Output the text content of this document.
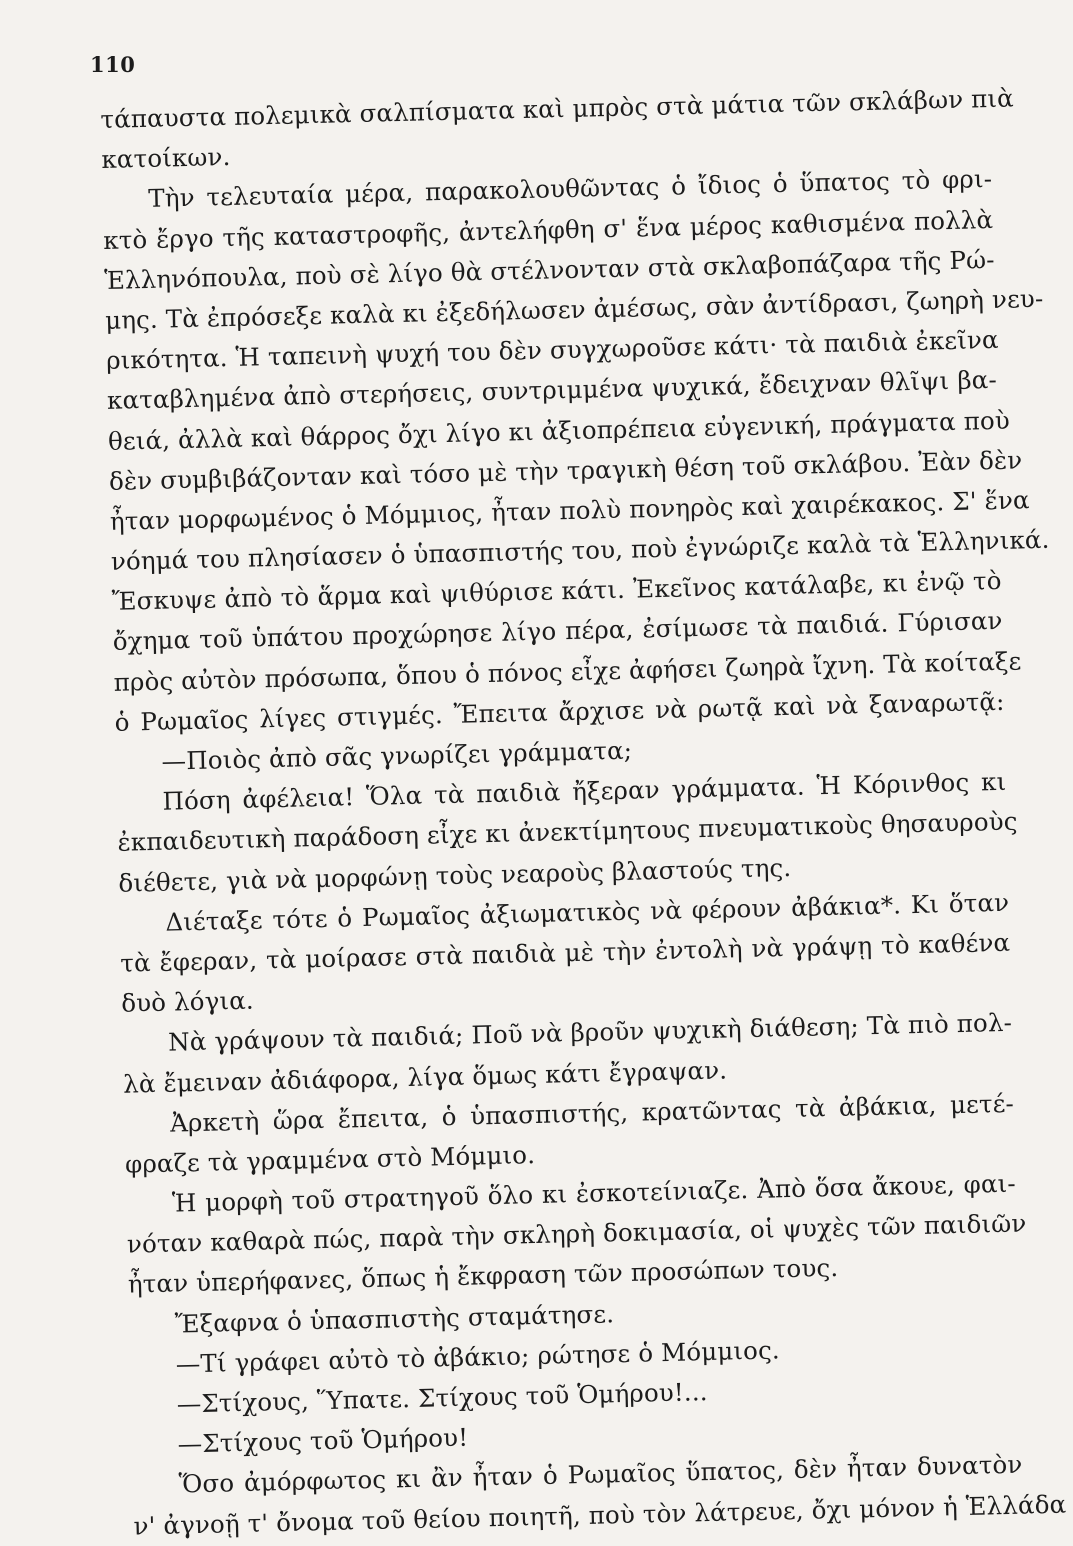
110
τάπαυστα πολεμικὰ σαλπίσματα καὶ μπρὸς στὰ μάτια τῶν σκλάβων πιὰ
κατοίκων.
Τὴν τελευταία μέρα, παρακολουθῶντας ὁ ἴδιος ὁ ὕπατος τὸ φρι-
κτὸ ἔργο τῆς καταστροφῆς, ἀντελήφθη σ' ἕνα μέρος καθισμένα πολλὰ
Ἑλληνόπουλα, ποὺ σὲ λίγο θὰ στέλνονταν στὰ σκλαβοπάζαρα τῆς Ρώ-
μης. Τὰ ἐπρόσεξε καλὰ κι ἐξεδήλωσεν ἀμέσως, σὰν ἀντίδρασι, ζωηρὴ νευ-
ρικότητα. Ἡ ταπεινὴ ψυχή του δὲν συγχωροῦσε κάτι· τὰ παιδιὰ ἐκεῖνα
καταβλημένα ἀπὸ στερήσεις, συντριμμένα ψυχικά, ἔδειχναν θλῖψι βα-
θειά, ἀλλὰ καὶ θάρρος ὄχι λίγο κι ἀξιοπρέπεια εὐγενική, πράγματα ποὺ
δὲν συμβιβάζονταν καὶ τόσο μὲ τὴν τραγικὴ θέση τοῦ σκλάβου. Ἐὰν δὲν
ἦταν μορφωμένος ὁ Μόμμιος, ἦταν πολὺ πονηρὸς καὶ χαιρέκακος. Σ' ἕνα
νόημά του πλησίασεν ὁ ὑπασπιστής του, ποὺ ἐγνώριζε καλὰ τὰ Ἑλληνικά.
Ἔσκυψε ἀπὸ τὸ ἅρμα καὶ ψιθύρισε κάτι. Ἐκεῖνος κατάλαβε, κι ἐνῷ τὸ
ὄχημα τοῦ ὑπάτου προχώρησε λίγο πέρα, ἐσίμωσε τὰ παιδιά. Γύρισαν
πρὸς αὐτὸν πρόσωπα, ὅπου ὁ πόνος εἶχε ἀφήσει ζωηρὰ ἴχνη. Τὰ κοίταξε
ὁ Ρωμαῖος λίγες στιγμές. Ἔπειτα ἄρχισε νὰ ρωτᾷ καὶ νὰ ξαναρωτᾷ:
—Ποιὸς ἀπὸ σᾶς γνωρίζει γράμματα;
Πόση ἀφέλεια! Ὅλα τὰ παιδιὰ ἤξεραν γράμματα. Ἡ Κόρινθος κι
ἐκπαιδευτικὴ παράδοση εἶχε κι ἀνεκτίμητους πνευματικοὺς θησαυροὺς
διέθετε, γιὰ νὰ μορφώνῃ τοὺς νεαροὺς βλαστούς της.
Διέταξε τότε ὁ Ρωμαῖος ἀξιωματικὸς νὰ φέρουν ἀβάκια*. Κι ὅταν
τὰ ἔφεραν, τὰ μοίρασε στὰ παιδιὰ μὲ τὴν ἐντολὴ νὰ γράψῃ τὸ καθένα
δυὸ λόγια.
Νὰ γράψουν τὰ παιδιά; Ποῦ νὰ βροῦν ψυχικὴ διάθεση; Τὰ πιὸ πολ-
λὰ ἔμειναν ἀδιάφορα, λίγα ὅμως κάτι ἔγραψαν.
Ἀρκετὴ ὥρα ἔπειτα, ὁ ὑπασπιστής, κρατῶντας τὰ ἀβάκια, μετέ-
φραζε τὰ γραμμένα στὸ Μόμμιο.
Ἡ μορφὴ τοῦ στρατηγοῦ ὅλο κι ἐσκοτείνιαζε. Ἀπὸ ὅσα ἄκουε, φαι-
νόταν καθαρὰ πώς, παρὰ τὴν σκληρὴ δοκιμασία, οἱ ψυχὲς τῶν παιδιῶν
ἦταν ὑπερήφανες, ὅπως ἡ ἔκφραση τῶν προσώπων τους.
Ἔξαφνα ὁ ὑπασπιστὴς σταμάτησε.
—Τί γράφει αὐτὸ τὸ ἀβάκιο; ρώτησε ὁ Μόμμιος.
—Στίχους, Ὕπατε. Στίχους τοῦ Ὁμήρου!...
—Στίχους τοῦ Ὁμήρου!
Ὅσο ἀμόρφωτος κι ἂν ἦταν ὁ Ρωμαῖος ὕπατος, δὲν ἦταν δυνατὸν
ν' ἀγνοῇ τ' ὄνομα τοῦ θείου ποιητῆ, ποὺ τὸν λάτρευε, ὄχι μόνον ἡ Ἑλλάδα
